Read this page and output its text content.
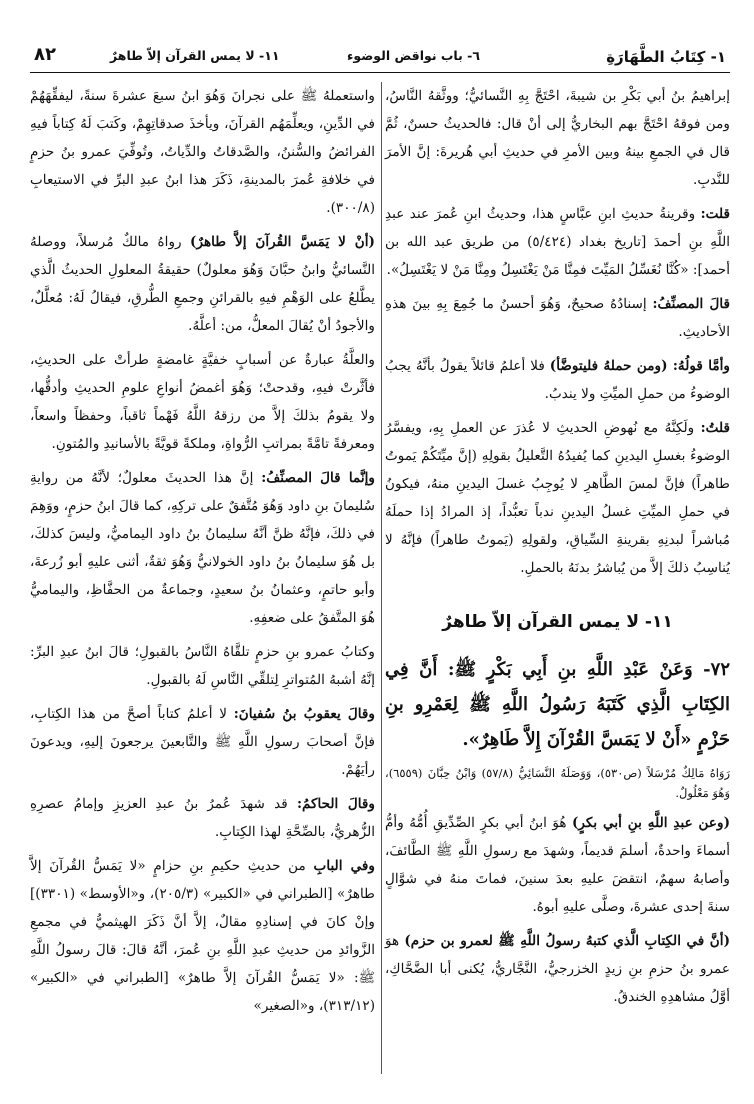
١- كِتَابُ الطَّهَارَةِ
٦- باب نواقض الوضوء
١١- لا يمس القرآن إلاّ طاهرٌ
٨٢

إبراهيمُ بنُ أبي بَكْرِ بن شيبةَ، احْتَجَّ بِهِ النَّسائيُّ؛ ووثَّقهُ النَّاسُ، ومن فوقهُ احْتَجَّ بهم البخاريُّ إلى أنْ قال: فالحديثُ حسنٌ، ثُمَّ قال في الجمعِ بينهُ وبين الأمرِ في حديثِ أبي هُريرةَ: إنَّ الأمرَ للنَّدبِ.

قلت: وقرينةُ حديثِ ابنِ عبَّاسٍ هذا، وحديثُ ابنِ عُمرَ عند عبدِ اللَّهِ بنِ أحمدَ [تاريخ بغداد (٥/٤٢٤) من طريق عبد الله بن أحمد]: «كُنَّا نُغَسِّلُ المَيِّتَ فمِنَّا مَنْ يَغْتَسِلُ ومِنَّا مَنْ لا يَغْتَسِلُ».

قالَ المصنِّفُ: إسنادُهُ صحيحٌ، وَهُوَ أحسنُ ما جُمِعَ بِهِ بينَ هذهِ الأحاديثِ.

وأمَّا قولُهُ: (ومن حملهُ فليتوضَّأ) فلا أعلمُ قائلاً يقولُ بأنَّهُ يجبُ الوضوءُ من حملِ الميِّتِ ولا يندبُ.

قلتُ: ولَكِنَّهُ مع نُهوضِ الحديثِ لا عُذرَ عن العملِ بِهِ، ويفسَّرُ الوضوءُ بغسلِ اليدينِ كما يُفيدُهُ التَّعليلُ بقولِهِ (إنَّ ميِّتَكُمْ يَموتُ طاهراً) فإنَّ لمسَ الطَّاهرِ لا يُوجِبُ غسلَ اليدينِ منهُ، فيكونُ في حملِ الميِّتِ غسلُ اليدينِ ندباً تعبُّداً، إذ المرادُ إذا حملَهُ مُباشراً لبدنِهِ بقرينةِ السِّياقِ، ولقولِهِ (يَموتُ طاهراً) فإنَّهُ لا يُناسِبُ ذلكَ إلاَّ من يُباشرُ بدنَهُ بالحملِ.

١١- لا يمس القرآن إلاّ طاهرٌ

٧٢- وَعَنْ عَبْدِ اللَّهِ بنِ أَبِي بَكْرٍ ﷺ: أَنَّ فِي الكِتَابِ الَّذِي كَتَبَهُ رَسُولُ اللَّهِ ﷺ لِعَمْرِو بنِ حَزْمٍ «أَنْ لا يَمَسَّ القُرْآنَ إِلاَّ طَاهِرٌ».

رَوَاهُ مَالِكٌ مُرْسَلاً (ص٥٣٠)، وَوَصَلَهُ النَّسَائِيُّ (٥٧/٨) وَابْنُ حِبَّانَ (٦٥٥٩)، وَهُوَ مَعْلُولٌ.

(وعن عبدِ اللَّهِ بنِ أبي بكرٍ) هُوَ ابنُ أبي بكرٍ الصِّدِّيقِ أُمُّهُ وأمُّ أسماءَ واحدةٌ، أسلمَ قديماً، وشهدَ مع رسولِ اللَّهِ ﷺ الطَّائفَ، وأصابهُ سهمٌ، انتقضَ عليهِ بعدَ سنينَ، فماتَ منهُ في شوَّالٍ سنةَ إحدى عشرةَ، وصلَّى عليهِ أبوهُ.

(أنَّ في الكِتابِ الَّذي كتبهُ رسولُ اللَّهِ ﷺ لعمرو بن حزم) هوَ عمرو بنُ حزمِ بنِ زيدٍ الخزرجيُّ، النَّجَّاريُّ، يُكنى أبا الضَّحَّاكِ، أوَّلُ مشاهدِهِ الخندقُ.

واستعملهُ ﷺ على نجرانَ وَهُوَ ابنُ سبعَ عشرةَ سنةً، ليفقِّهَهُمْ في الدِّينِ، ويعلِّمَهُم القرآنَ، ويأخذَ صدقاتِهِمْ، وكَتبَ لَهُ كِتاباً فيهِ الفرائضُ والسُّننُ، والصَّدقاتُ والدِّياتُ، وتُوفِّيَ عمرو بنُ حزمٍ في خلافةِ عُمرَ بالمدينةِ، ذَكَرَ هذا ابنُ عبدِ البرِّ في الاستيعابِ (٣٠٠/٨).

(أنْ لا يَمَسَّ القُرآنَ إلاَّ طاهرٌ) رواهُ مالكٌ مُرسلاً، ووصلهُ النَّسائيُّ وابنُ حبَّانَ وَهُوَ معلولٌ) حقيقةُ المعلولِ الحديثُ الَّذي يطَّلعُ على الوَهْمِ فيهِ بالقرائنِ وجمعِ الطُّرقِ، فيقالُ لَهُ: مُعلَّلٌ، والأجودُ أنْ يُقالَ المعلُّ، من: أعلَّهُ.

والعلَّةُ عبارةٌ عن أسبابٍ خفيَّةٍ غامضةٍ طرأتْ على الحديثِ، فأثَّرتْ فيهِ، وقدحتْ؛ وَهُوَ أغمضُ أنواعِ علومِ الحديثِ وأدقُّها، ولا يقومُ بذلكَ إلاَّ من رزقهُ اللَّهُ فَهْماً ثاقباً، وحفظاً واسعاً، ومعرفةً تامَّةً بمراتبِ الرُّواةِ، وملكةً قويَّةً بالأسانيدِ والمُتونِ.

وإنَّما قالَ المصنِّفُ: إنَّ هذا الحديثَ معلولٌ؛ لأنَّهُ من روايةِ سُليمانَ بنِ داود وَهُوَ مُتَّفقٌ على تركِهِ، كما قالَ ابنُ حزمٍ، ووَهِمَ في ذلكَ، فإنَّهُ ظنَّ أنَّهُ سليمانُ بنُ داود اليماميُّ، وليسَ كذلكَ، بل هُوَ سليمانُ بنُ داود الخولانيُّ وَهُوَ ثقةٌ، أثنى عليهِ أبو زُرعةَ، وأبو حاتمٍ، وعثمانُ بنُ سعيدٍ، وجماعةٌ من الحفَّاظِ، واليماميُّ هُوَ المتَّفقُ على ضعفِهِ.

وكتابُ عمرو بنِ حزمٍ تلقَّاهُ النَّاسُ بالقبولِ؛ قالَ ابنُ عبدِ البرِّ: إنَّهُ أشبهُ المُتواترِ لِتلقِّي النَّاسِ لَهُ بالقبولِ.

وقالَ يعقوبُ بنُ سُفيانَ: لا أعلمُ كتاباً أصحَّ من هذا الكِتابِ، فإنَّ أصحابَ رسولِ اللَّهِ ﷺ والتَّابعينَ يرجعونَ إليهِ، ويدعونَ رأيَهُمْ.

وقالَ الحاكمُ: قد شهدَ عُمرُ بنُ عبدِ العزيزِ وإمامُ عصرِهِ الزُّهريُّ، بالصِّحَّةِ لهذا الكِتابِ.

وفي البابِ من حديثِ حكيمِ بنِ حزامٍ «لا يَمَسُّ القُرآنَ إلاَّ طاهرٌ» [الطبراني في «الكبير» (٢٠٥/٣)، و«الأوسط» (٣٣٠١)] وإنْ كانَ في إسنادِهِ مقالٌ، إلاَّ أنَّ ذَكَرَ الهيثميُّ في مجمعِ الزَّوائدِ من حديثِ عبدِ اللَّهِ بنِ عُمرَ، أنَّهُ قالَ: قالَ رسولُ اللَّهِ ﷺ: «لا يَمَسُّ القُرآنَ إلاَّ طاهرٌ» [الطبراني في «الكبير» (٣١٣/١٢)، و«الصغير»
